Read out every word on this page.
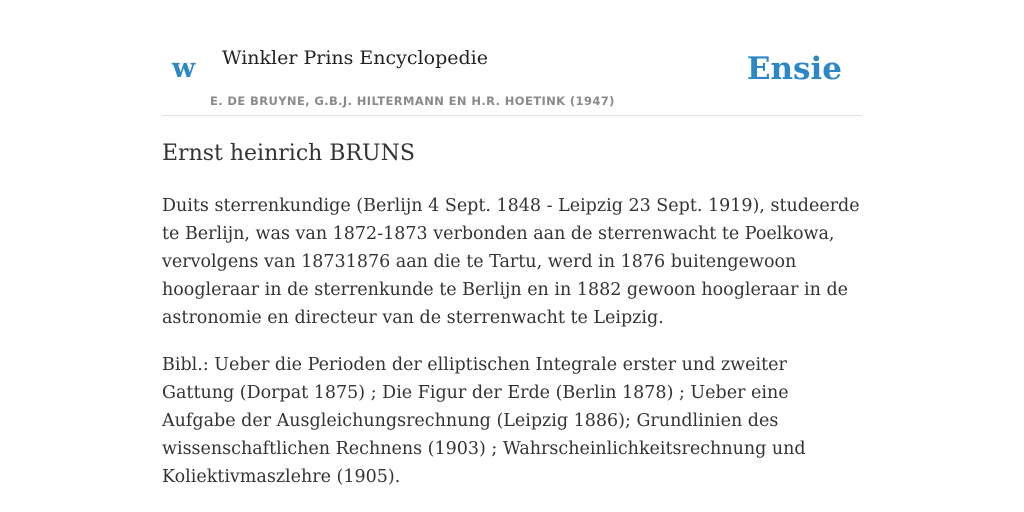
w Winkler Prins Encyclopedie
E. DE BRUYNE, G.B.J. HILTERMANN EN H.R. HOETINK (1947)
Ensie
Ernst heinrich BRUNS

Duits sterrenkundige (Berlijn 4 Sept. 1848 - Leipzig 23 Sept. 1919), studeerde te Berlijn, was van 1872-1873 verbonden aan de sterrenwacht te Poelkowa, vervolgens van 18731876 aan die te Tartu, werd in 1876 buitengewoon hoogleraar in de sterrenkunde te Berlijn en in 1882 gewoon hoogleraar in de astronomie en directeur van de sterrenwacht te Leipzig.

Bibl.: Ueber die Perioden der elliptischen Integrale erster und zweiter Gattung (Dorpat 1875) ; Die Figur der Erde (Berlin 1878) ; Ueber eine Aufgabe der Ausgleichungsrechnung (Leipzig 1886); Grundlinien des wissenschaftlichen Rechnens (1903) ; Wahrscheinlichkeitsrechnung und Koliektivmaszlehre (1905).
